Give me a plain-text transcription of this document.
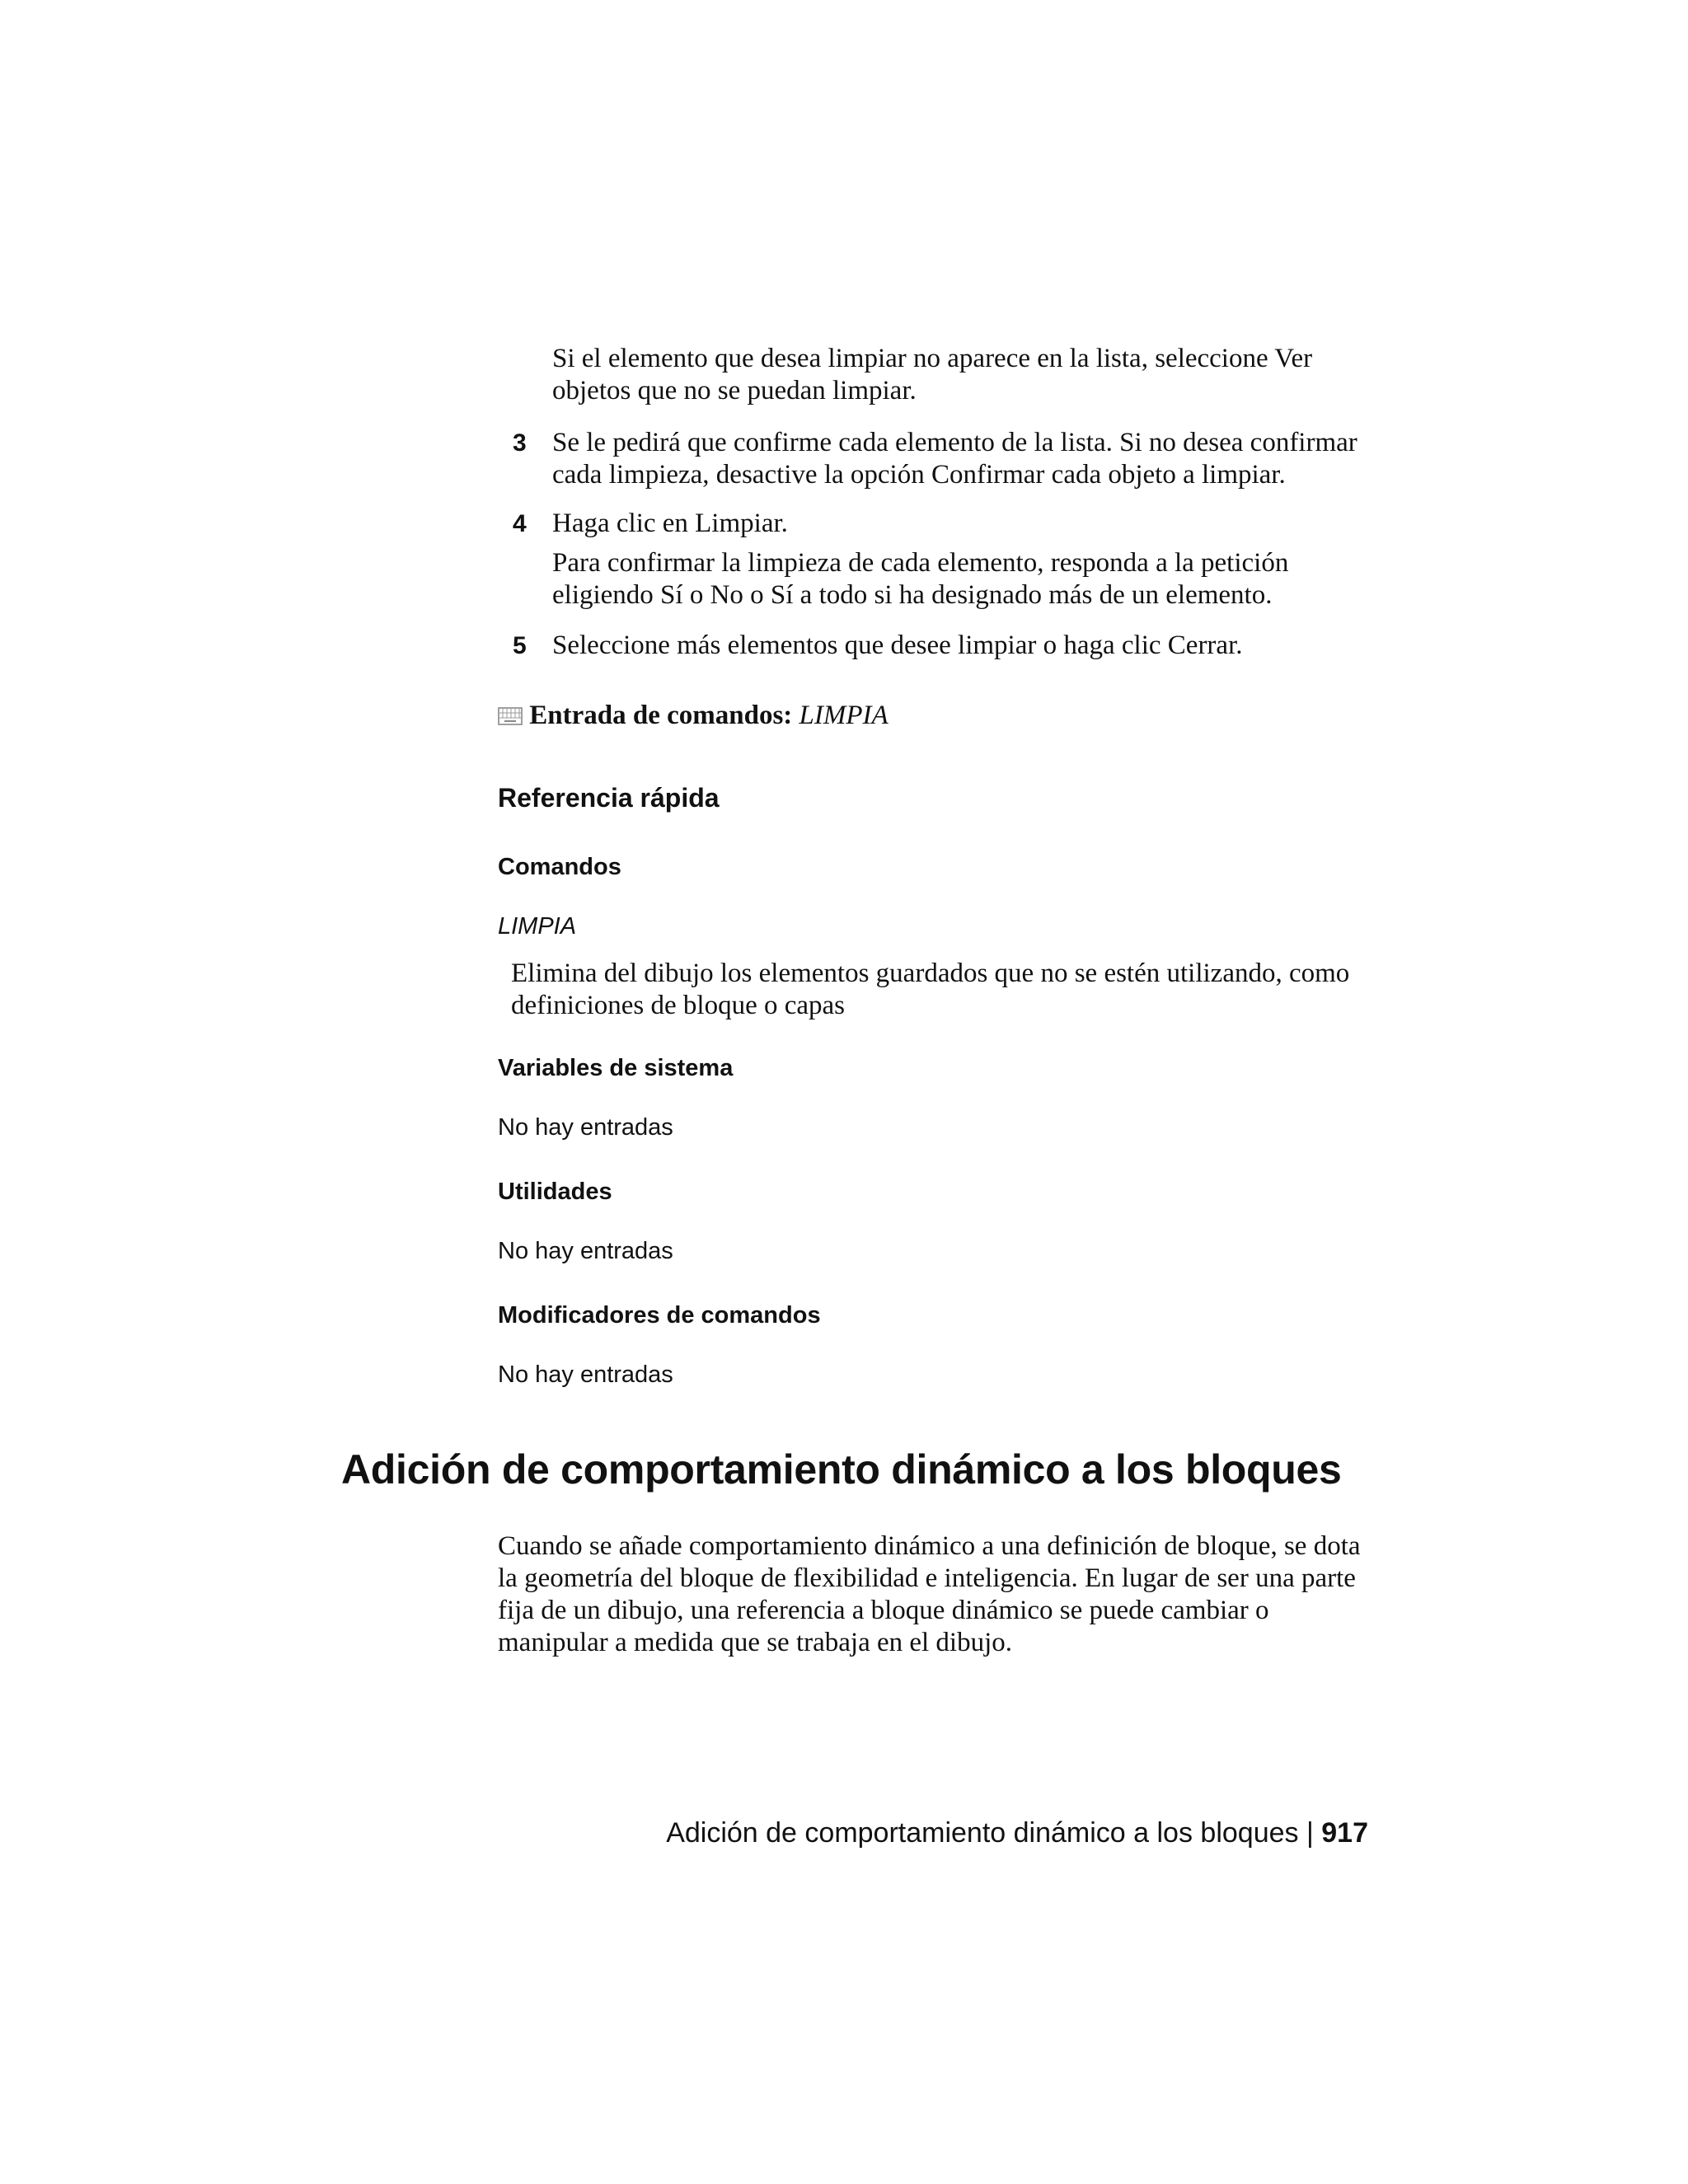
Si el elemento que desea limpiar no aparece en la lista, seleccione Ver objetos que no se puedan limpiar.

3 Se le pedirá que confirme cada elemento de la lista. Si no desea confirmar cada limpieza, desactive la opción Confirmar cada objeto a limpiar.

4 Haga clic en Limpiar.

Para confirmar la limpieza de cada elemento, responda a la petición eligiendo Sí o No o Sí a todo si ha designado más de un elemento.

5 Seleccione más elementos que desee limpiar o haga clic Cerrar.

Entrada de comandos: LIMPIA
Referencia rápida
Comandos

LIMPIA

Elimina del dibujo los elementos guardados que no se estén utilizando, como definiciones de bloque o capas

Variables de sistema

No hay entradas

Utilidades

No hay entradas

Modificadores de comandos

No hay entradas

Adición de comportamiento dinámico a los bloques

Cuando se añade comportamiento dinámico a una definición de bloque, se dota la geometría del bloque de flexibilidad e inteligencia. En lugar de ser una parte fija de un dibujo, una referencia a bloque dinámico se puede cambiar o manipular a medida que se trabaja en el dibujo.

Adición de comportamiento dinámico a los bloques | 917
